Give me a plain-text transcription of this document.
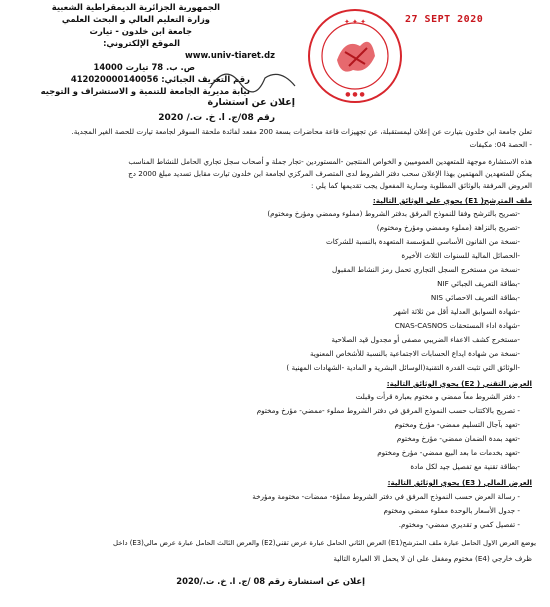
الجمهورية الجزائرية الديمقراطية الشعبية
وزارة التعليم العالي و البحث العلمي
جامعة ابن خلدون - تيارت
الموقع الإلكتروني:
www.univ-tiaret.dz
ص. ب. 78 تيارت 14000
رقم التعريف الجبائي: 412020000140056
نيابة مديرية الجامعة للتنمية و الاستشراف و التوجيه
✦ ✦ ✦
● ● ●
27 SEPT 2020
إعلان عن استشارة
رقم 08/ج. ا. خ. ت./ 2020
تعلن جامعة ابن خلدون بتيارت عن إعلان ليمستقبلة، عن تجهيزات قاعة محاضرات بسعة 200 مقعد لفائدة ملحقة السوقر لجامعة تيارت للحصة الغير المجدية.
- الحصة 04: مكيفات
هذه الاستشارة موجهة للمتعهدين العموميين و الخواص المنتجين -المستوردين -تجار جملة و أصحاب سجل تجاري الحامل للنشاط المناسب
يمكن للمتعهدين المهتمين بهذا الإعلان سحب دفتر الشروط لدى المتصرف المركزي لجامعة ابن خلدون تيارت مقابل تسديد مبلغ 2000 دج
العروض المرفقة بالوثائق المطلوبة وسارية المفعول يجب تقديمها كما يلي :
ملف المترشح( E1) يحوي على الوثائق التالية:
-تصريح بالترشح وفقا للنموذج المرفق بدفتر الشروط (مملوء وممضي ومؤرخ ومختوم)
-تصريح بالنزاهة (مملوء وممضي ومؤرخ ومختوم)
-نسخة من القانون الأساسي للمؤسسة المتعهدة بالنسبة للشركات
-الحصائل المالية للسنوات الثلاث الأخيرة
-نسخة من مستخرج السجل التجاري تحمل رمز النشاط المقبول
-بطاقة التعريف الجبائي NIF
-بطاقة التعريف الاحصائي NIS
-شهادة السوابق العدلية أقل من ثلاثة اشهر
-شهادة اداء المستحقات CNAS-CASNOS
-مستخرج كشف الاعفاء الضريبي مصفى أو مجدول قيد الصلاحية
-نسخة من شهادة ايداع الحسابات الاجتماعية بالنسبة للأشخاص المعنوية
-الوثائق التي تثبت القدرة التقنية(الوسائل البشرية و المادية -الشهادات المهنية )
العرض التقني ( E2) يحوي الوثائق التالية:
- دفتر الشروط معاً ممضي و مختوم بعبارة قرأت وقبلت
- تصريح بالاكتتاب حسب النموذج المرفق في دفتر الشروط مملوء -ممضي- مؤرخ ومختوم
-تعهد بآجال التسليم ممضي- مؤرخ ومختوم
-تعهد بمدة الضمان ممضي- مؤرخ ومختوم
-تعهد بخدمات ما بعد البيع ممضي- مؤرخ ومختوم
-بطاقة تقنية مع تفصيل جيد لكل مادة
العرض المالي ( E3) يحوي الوثائق التالية:
- رسالة العرض حسب النموذج المرفق في دفتر الشروط مملؤة- ممضات- مختومة ومؤرخة
- جدول الأسعار بالوحدة مملوء ممضي ومختوم
- تفصيل كمي و تقديري ممضي- ومختوم.
يوضع العرض الاول الحامل عبارة ملف المترشح(E1) العرض الثاني الحامل عبارة عرض تقني(E2) والعرض الثالث الحامل عبارة عرض مالي(E3) داخل
ظرف خارجي (E4) مختوم ومغفل على ان لا يحمل الا العبارة التالية
إعلان عن استشارة رقم 08 /ج. ا. خ. ت./2020
